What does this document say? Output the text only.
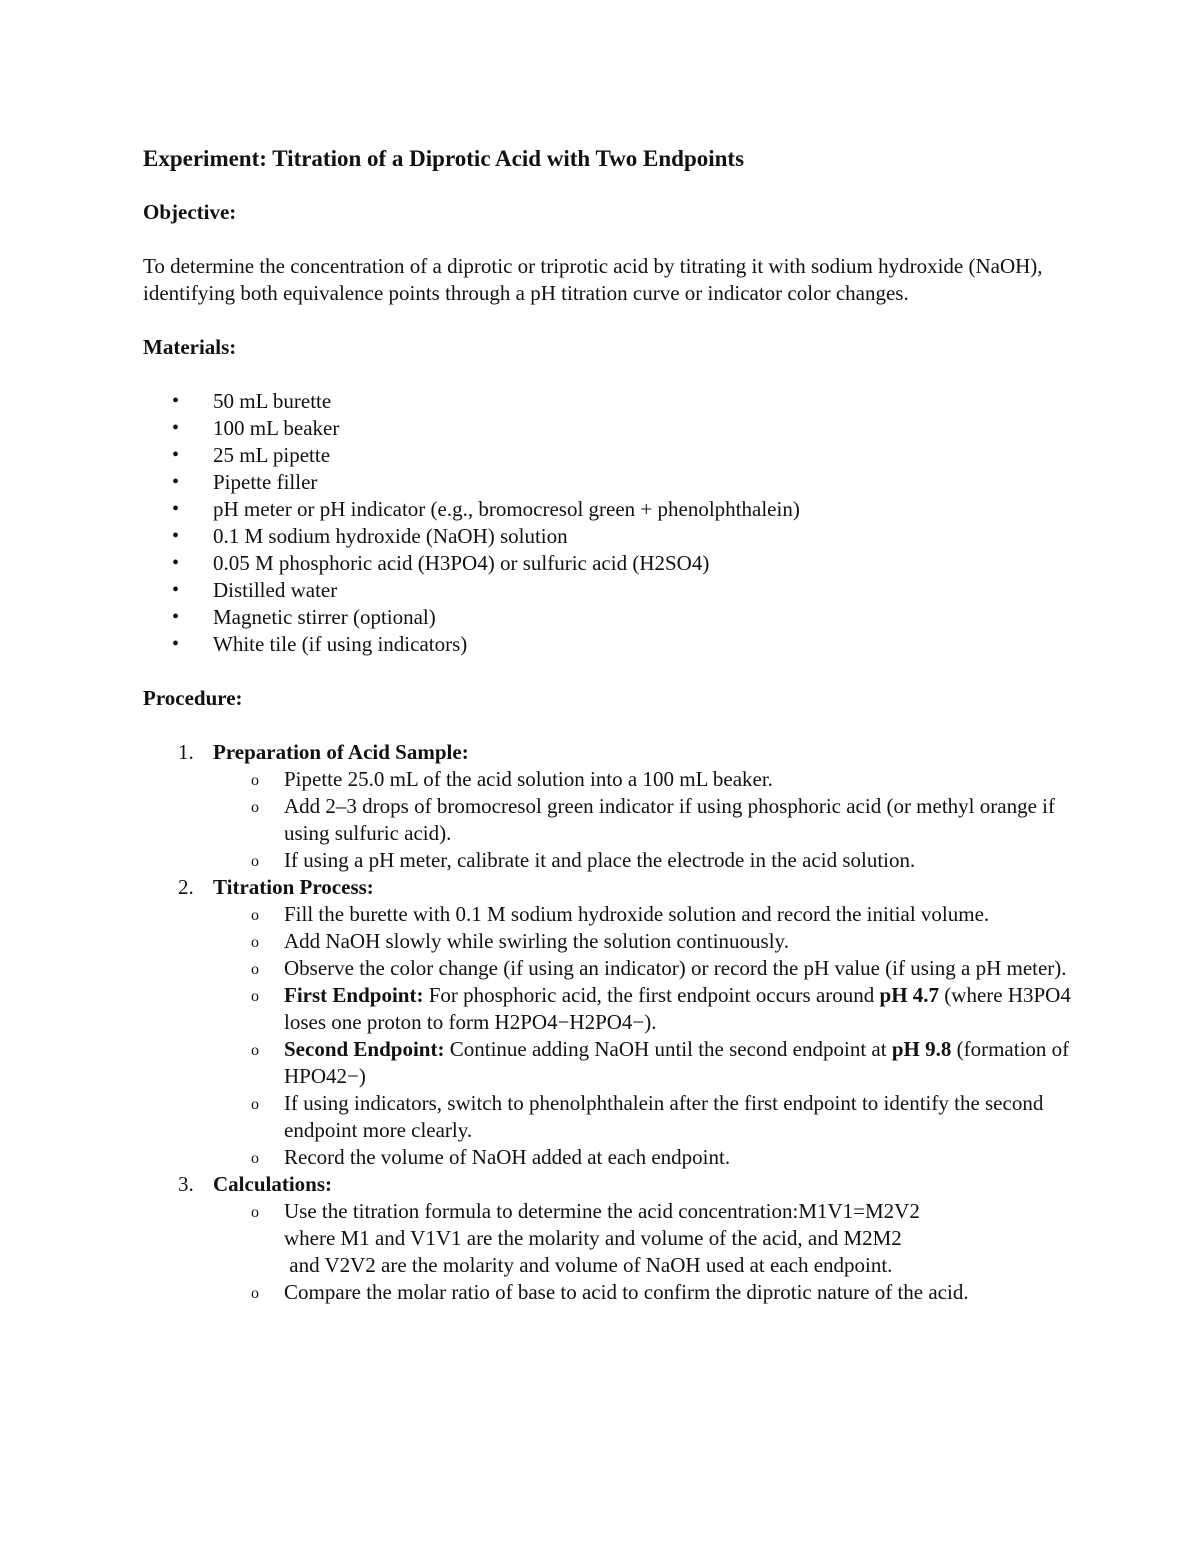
Experiment: Titration of a Diprotic Acid with Two Endpoints
Objective:
To determine the concentration of a diprotic or triprotic acid by titrating it with sodium hydroxide (NaOH), identifying both equivalence points through a pH titration curve or indicator color changes.
Materials:
• 50 mL burette
• 100 mL beaker
• 25 mL pipette
• Pipette filler
• pH meter or pH indicator (e.g., bromocresol green + phenolphthalein)
• 0.1 M sodium hydroxide (NaOH) solution
• 0.05 M phosphoric acid (H3PO4) or sulfuric acid (H2SO4)
• Distilled water
• Magnetic stirrer (optional)
• White tile (if using indicators)
Procedure:
1. Preparation of Acid Sample:
o Pipette 25.0 mL of the acid solution into a 100 mL beaker.
o Add 2–3 drops of bromocresol green indicator if using phosphoric acid (or methyl orange if using sulfuric acid).
o If using a pH meter, calibrate it and place the electrode in the acid solution.
2. Titration Process:
o Fill the burette with 0.1 M sodium hydroxide solution and record the initial volume.
o Add NaOH slowly while swirling the solution continuously.
o Observe the color change (if using an indicator) or record the pH value (if using a pH meter).
o First Endpoint: For phosphoric acid, the first endpoint occurs around pH 4.7 (where H3PO4 loses one proton to form H2PO4−H2PO4−).
o Second Endpoint: Continue adding NaOH until the second endpoint at pH 9.8 (formation of HPO42−)
o If using indicators, switch to phenolphthalein after the first endpoint to identify the second endpoint more clearly.
o Record the volume of NaOH added at each endpoint.
3. Calculations:
o Use the titration formula to determine the acid concentration:M1V1=M2V2
where M1 and V1V1 are the molarity and volume of the acid, and M2M2
and V2V2 are the molarity and volume of NaOH used at each endpoint.
o Compare the molar ratio of base to acid to confirm the diprotic nature of the acid.
